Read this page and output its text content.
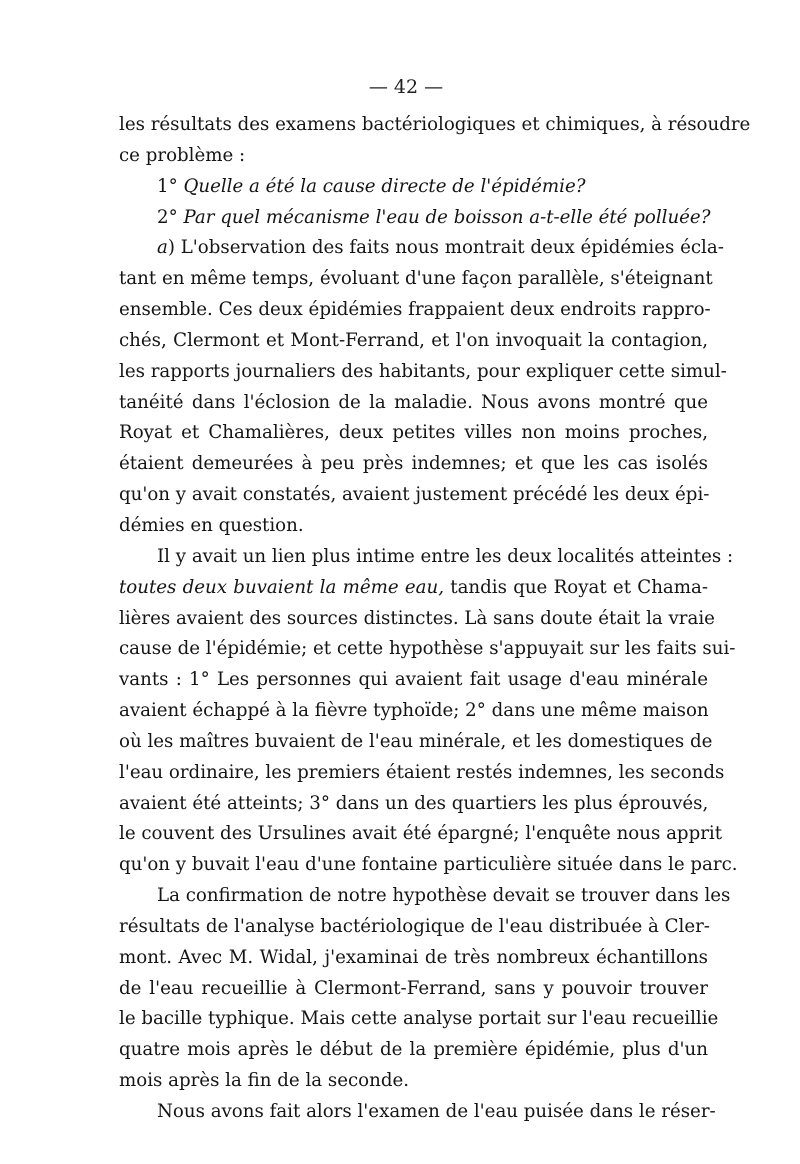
— 42 —

les résultats des examens bactériologiques et chimiques, à résoudre
ce problème :
1° Quelle a été la cause directe de l'épidémie?
2° Par quel mécanisme l'eau de boisson a-t-elle été polluée?
a) L'observation des faits nous montrait deux épidémies écla-
tant en même temps, évoluant d'une façon parallèle, s'éteignant
ensemble. Ces deux épidémies frappaient deux endroits rappro-
chés, Clermont et Mont-Ferrand, et l'on invoquait la contagion,
les rapports journaliers des habitants, pour expliquer cette simul-
tanéité dans l'éclosion de la maladie. Nous avons montré que
Royat et Chamalières, deux petites villes non moins proches,
étaient demeurées à peu près indemnes; et que les cas isolés
qu'on y avait constatés, avaient justement précédé les deux épi-
démies en question.
Il y avait un lien plus intime entre les deux localités atteintes :
toutes deux buvaient la même eau, tandis que Royat et Chama-
lières avaient des sources distinctes. Là sans doute était la vraie
cause de l'épidémie; et cette hypothèse s'appuyait sur les faits sui-
vants : 1° Les personnes qui avaient fait usage d'eau minérale
avaient échappé à la fièvre typhoïde; 2° dans une même maison
où les maîtres buvaient de l'eau minérale, et les domestiques de
l'eau ordinaire, les premiers étaient restés indemnes, les seconds
avaient été atteints; 3° dans un des quartiers les plus éprouvés,
le couvent des Ursulines avait été épargné; l'enquête nous apprit
qu'on y buvait l'eau d'une fontaine particulière située dans le parc.
La confirmation de notre hypothèse devait se trouver dans les
résultats de l'analyse bactériologique de l'eau distribuée à Cler-
mont. Avec M. Widal, j'examinai de très nombreux échantillons
de l'eau recueillie à Clermont-Ferrand, sans y pouvoir trouver
le bacille typhique. Mais cette analyse portait sur l'eau recueillie
quatre mois après le début de la première épidémie, plus d'un
mois après la fin de la seconde.
Nous avons fait alors l'examen de l'eau puisée dans le réser-
